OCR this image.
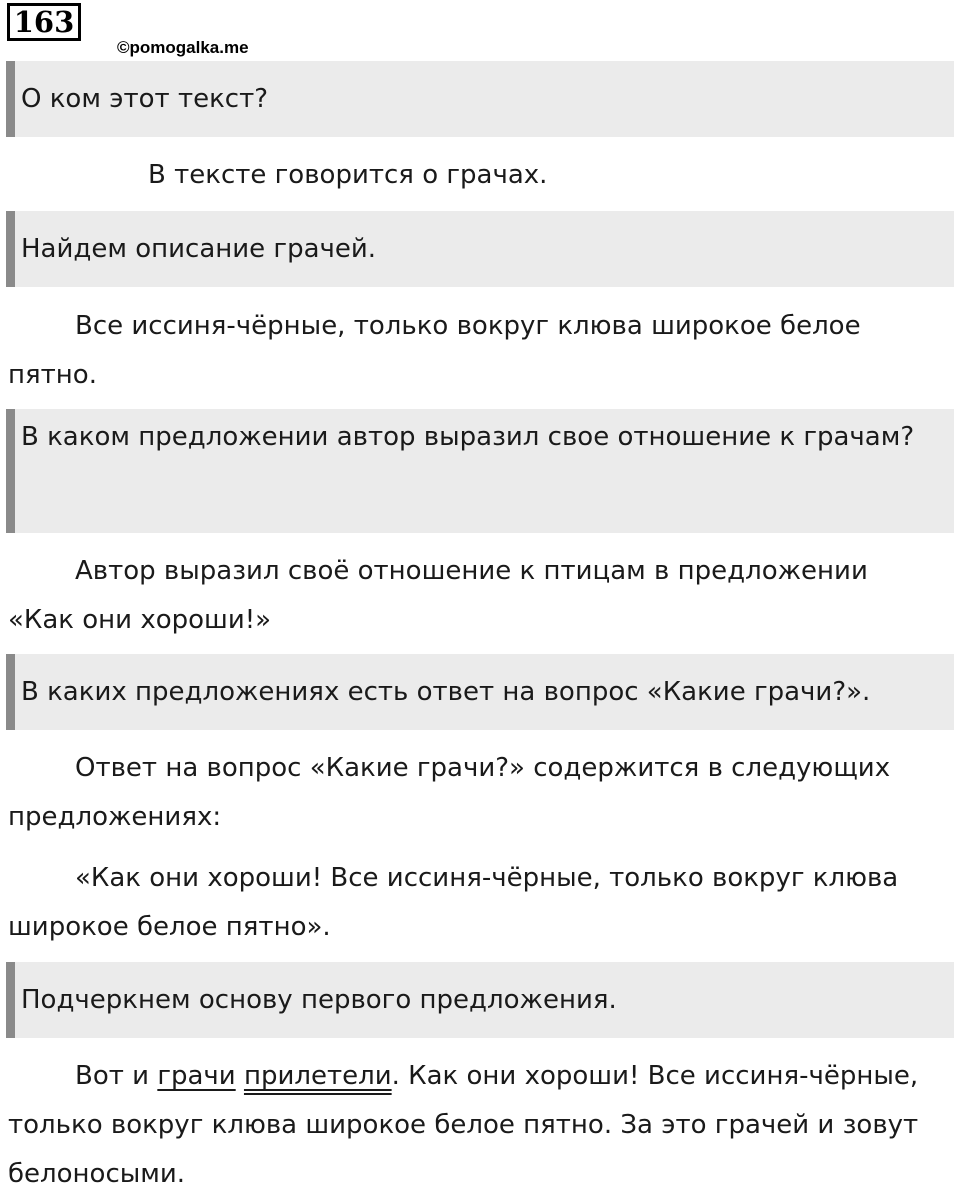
163
©pomogalka.me
О ком этот текст?
В тексте говорится о грачах.
Найдем описание грачей.
Все иссиня-чёрные, только вокруг клюва широкое белое пятно.
В каком предложении автор выразил свое отношение к грачам?
Автор выразил своё отношение к птицам в предложении «Как они хороши!»
В каких предложениях есть ответ на вопрос «Какие грачи?».
Ответ на вопрос «Какие грачи?» содержится в следующих предложениях:
«Как они хороши! Все иссиня-чёрные, только вокруг клюва широкое белое пятно».
Подчеркнем основу первого предложения.
Вот и грачи прилетели. Как они хороши! Все иссиня-чёрные, только вокруг клюва широкое белое пятно. За это грачей и зовут белоносыми.
